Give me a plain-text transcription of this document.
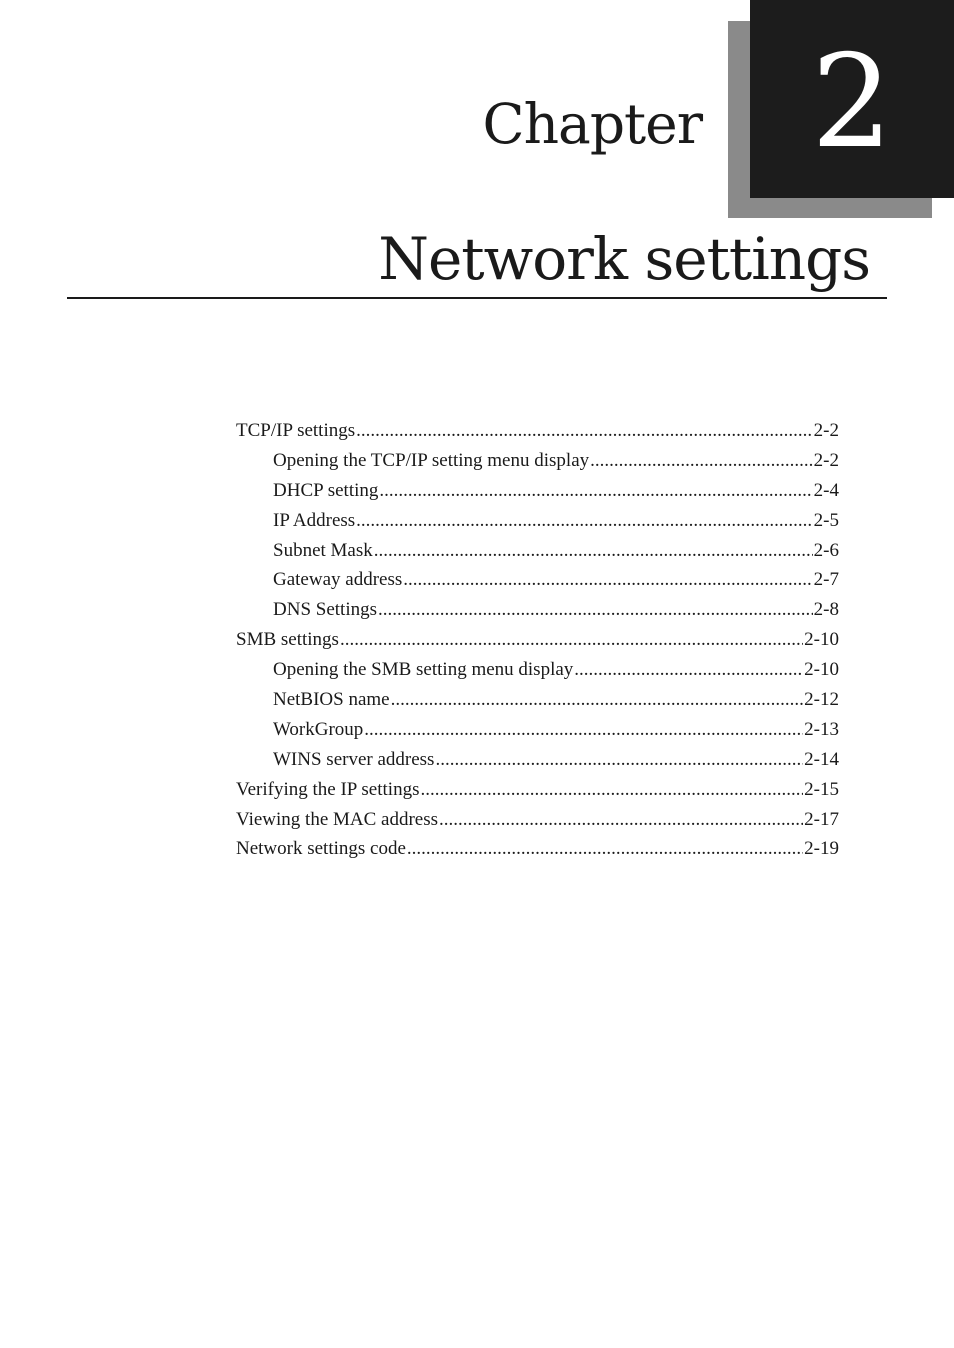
2
Chapter
Network settings
TCP/IP settings .....	2-2
Opening the TCP/IP setting menu display .....	2-2
DHCP setting .....	2-4
IP Address .....	2-5
Subnet Mask .....	2-6
Gateway address .....	2-7
DNS Settings .....	2-8
SMB settings .....	2-10
Opening the SMB setting menu display .....	2-10
NetBIOS name .....	2-12
WorkGroup .....	2-13
WINS server address .....	2-14
Verifying the IP settings .....	2-15
Viewing the MAC address .....	2-17
Network settings code .....	2-19
